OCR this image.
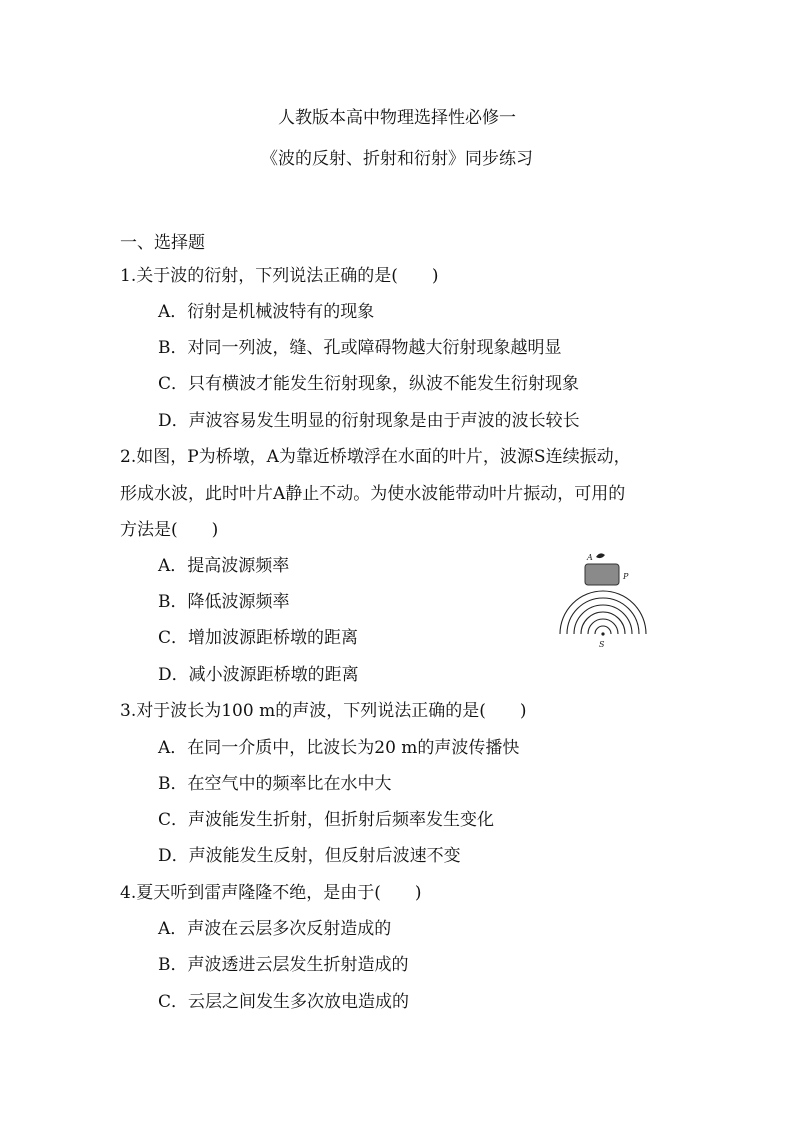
人教版本高中物理选择性必修一
《波的反射、折射和衍射》同步练习
一、选择题
1.关于波的衍射，下列说法正确的是(　　)
A．衍射是机械波特有的现象
B．对同一列波，缝、孔或障碍物越大衍射现象越明显
C．只有横波才能发生衍射现象，纵波不能发生衍射现象
D．声波容易发生明显的衍射现象是由于声波的波长较长
2.如图，P为桥墩，A为靠近桥墩浮在水面的叶片，波源S连续振动，
形成水波，此时叶片A静止不动。为使水波能带动叶片振动，可用的
方法是(　　)
A．提高波源频率
B．降低波源频率
C．增加波源距桥墩的距离
D．减小波源距桥墩的距离
A
P
S
3.对于波长为100 m的声波，下列说法正确的是(　　)
A．在同一介质中，比波长为20 m的声波传播快
B．在空气中的频率比在水中大
C．声波能发生折射，但折射后频率发生变化
D．声波能发生反射，但反射后波速不变
4.夏天听到雷声隆隆不绝，是由于(　　)
A．声波在云层多次反射造成的
B．声波透进云层发生折射造成的
C．云层之间发生多次放电造成的
